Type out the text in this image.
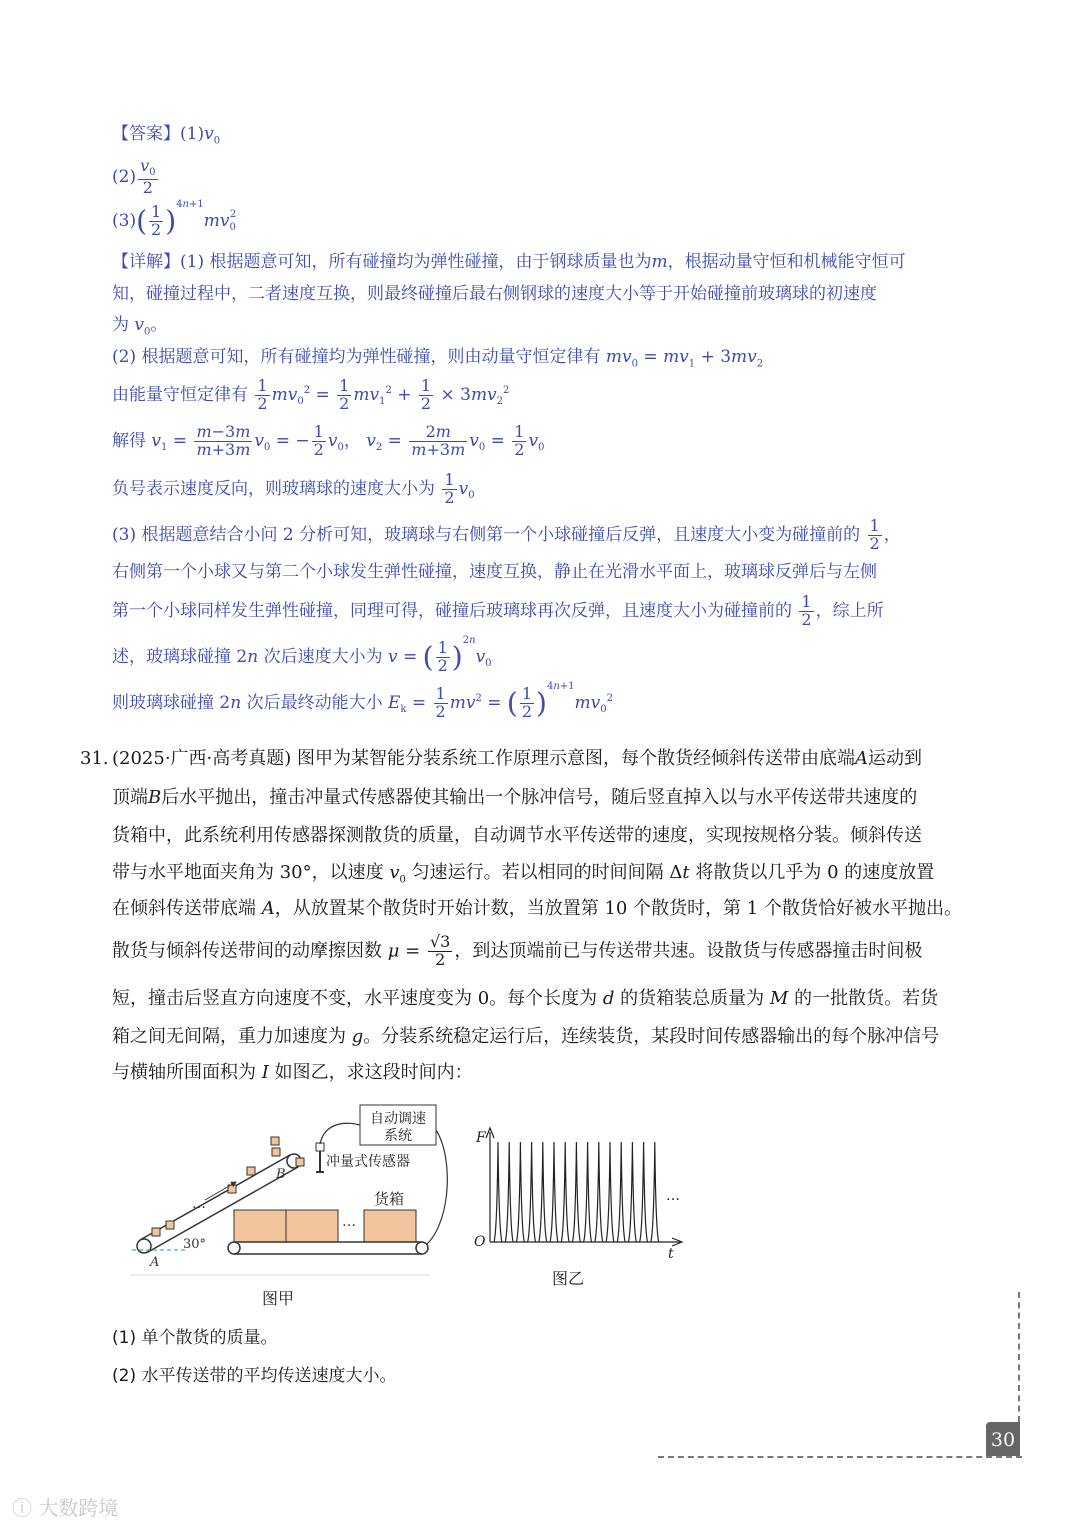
【答案】$(1)v_0$
$(2) \frac{v_0}{2}$
$(3)( \frac{1}{2} )^{4n+1}mv_0^2$
【详解】(1) 根据题意可知，所有碰撞均为弹性碰撞，由于钢球质量也为m，根据动量守恒和机械能守恒可
知，碰撞过程中，二者速度互换，则最终碰撞后最右侧钢球的速度大小等于开始碰撞前玻璃球的初速度
为 $v_0$。
(2) 根据题意可知，所有碰撞均为弹性碰撞，则由动量守恒定律有 $mv_0 = mv_1 + 3mv_2$
由能量守恒定律有 $\frac{1}{2} mv_0^2 = \frac{1}{2} mv_1^2 + \frac{1}{2} \times 3mv_2^2$
解得 $v_1 = \frac{m-3m}{m+3m} v_0$ = − $\frac{1}{2} v_0$， $v_2 = \frac{2m}{m+3m} v_0 = \frac{1}{2} v_0$
负号表示速度反向，则玻璃球的速度大小为 $\frac{1}{2} v_0$
(3) 根据题意结合小问 2 分析可知，玻璃球与右侧第一个小球碰撞后反弹，且速度大小变为碰撞前的 $\frac{1}{2}$ ，
右侧第一个小球又与第二个小球发生弹性碰撞，速度互换，静止在光滑水平面上，玻璃球反弹后与左侧
第一个小球同样发生弹性碰撞，同理可得，碰撞后玻璃球再次反弹，且速度大小为碰撞前的 $\frac{1}{2}$ ，综上所
述，玻璃球碰撞 2n 次后速度大小为 v = ( $\frac{1}{2} )^{2n}v_0$
则玻璃球碰撞 2n 次后最终动能大小 $E_k = \frac{1}{2} mv^2$ = ( $\frac{1}{2} )^{4n+1}mv_0^2$
31. (2025·广西·高考真题) 图甲为某智能分装系统工作原理示意图，每个散货经倾斜传送带由底端A运动到
顶端B后水平抛出，撞击冲量式传感器使其输出一个脉冲信号，随后竖直掉入以与水平传送带共速度的
货箱中，此系统利用传感器探测散货的质量，自动调节水平传送带的速度，实现按规格分装。倾斜传送
带与水平地面夹角为 30°，以速度 $v_0$ 匀速运行。若以相同的时间间隔 Δt 将散货以几乎为 0 的速度放置
在倾斜传送带底端 A，从放置某个散货时开始计数，当放置第 10 个散货时，第 1 个散货恰好被水平抛出。
散货与倾斜传送带间的动摩擦因数 $\mu = \frac{√3}{2}$ ，到达顶端前已与传送带共速。设散货与传感器撞击时间极
短，撞击后竖直方向速度不变，水平速度变为 0。每个长度为 d 的货箱装总质量为 M 的一批散货。若货
箱之间无间隔，重力加速度为 g。分装系统稳定运行后，连续装货，某段时间传感器输出的每个脉冲信号
与横轴所围面积为 I 如图乙，求这段时间内：
…
30°
A
B
冲量式传感器
自动调速
系统
…
货箱
图甲
F
O
t
…
图乙
(1) 单个散货的质量。
(2) 水平传送带的平均传送速度大小。
30
ⓘ 大数跨境
